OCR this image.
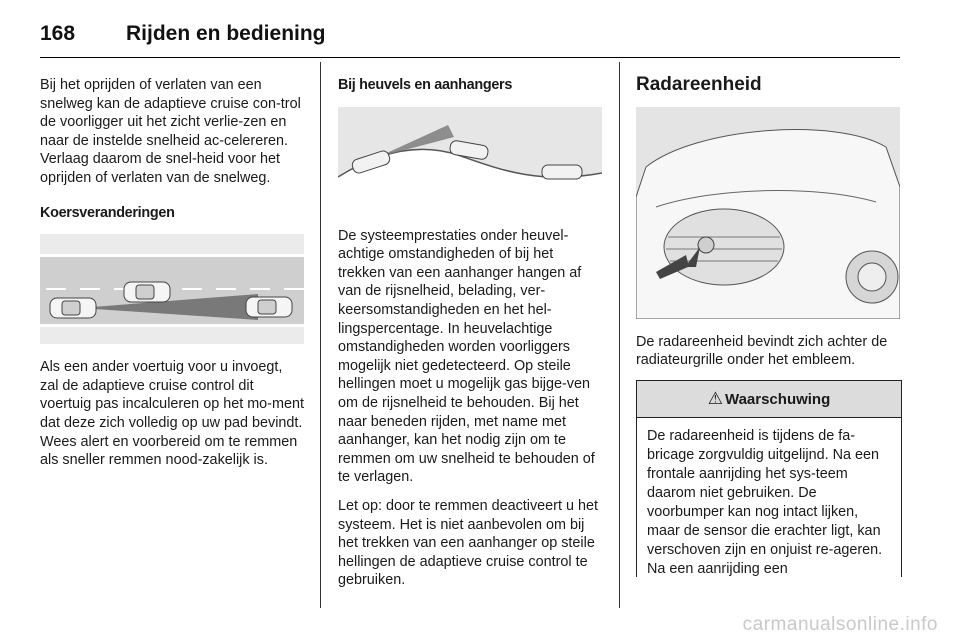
168 Rijden en bediening

Bij het oprijden of verlaten van een snelweg kan de adaptieve cruise con-trol de voorligger uit het zicht verlie-zen en naar de instelde snelheid ac-celereren. Verlaag daarom de snel-heid voor het oprijden of verlaten van de snelweg.

Koersveranderingen

Als een ander voertuig voor u invoegt, zal de adaptieve cruise control dit voertuig pas incalculeren op het mo-ment dat deze zich volledig op uw pad bevindt. Wees alert en voorbereid om te remmen als sneller remmen nood-zakelijk is.

Bij heuvels en aanhangers

De systeemprestaties onder heuvel-achtige omstandigheden of bij het trekken van een aanhanger hangen af van de rijsnelheid, belading, ver-keersomstandigheden en het hel-lingspercentage. In heuvelachtige omstandigheden worden voorliggers mogelijk niet gedetecteerd. Op steile hellingen moet u mogelijk gas bijge-ven om de rijsnelheid te behouden. Bij het naar beneden rijden, met name met aanhanger, kan het nodig zijn om te remmen om uw snelheid te behouden of te verlagen.

Let op: door te remmen deactiveert u het systeem. Het is niet aanbevolen om bij het trekken van een aanhanger op steile hellingen de adaptieve cruise control te gebruiken.

Radareenheid

De radareenheid bevindt zich achter de radiateurgrille onder het embleem.

⚠ Waarschuwing
De radareenheid is tijdens de fa-bricage zorgvuldig uitgelijnd. Na een frontale aanrijding het sys-teem daarom niet gebruiken. De voorbumper kan nog intact lijken, maar de sensor die erachter ligt, kan verschoven zijn en onjuist re-ageren. Na een aanrijding een
carmanualsonline.info
